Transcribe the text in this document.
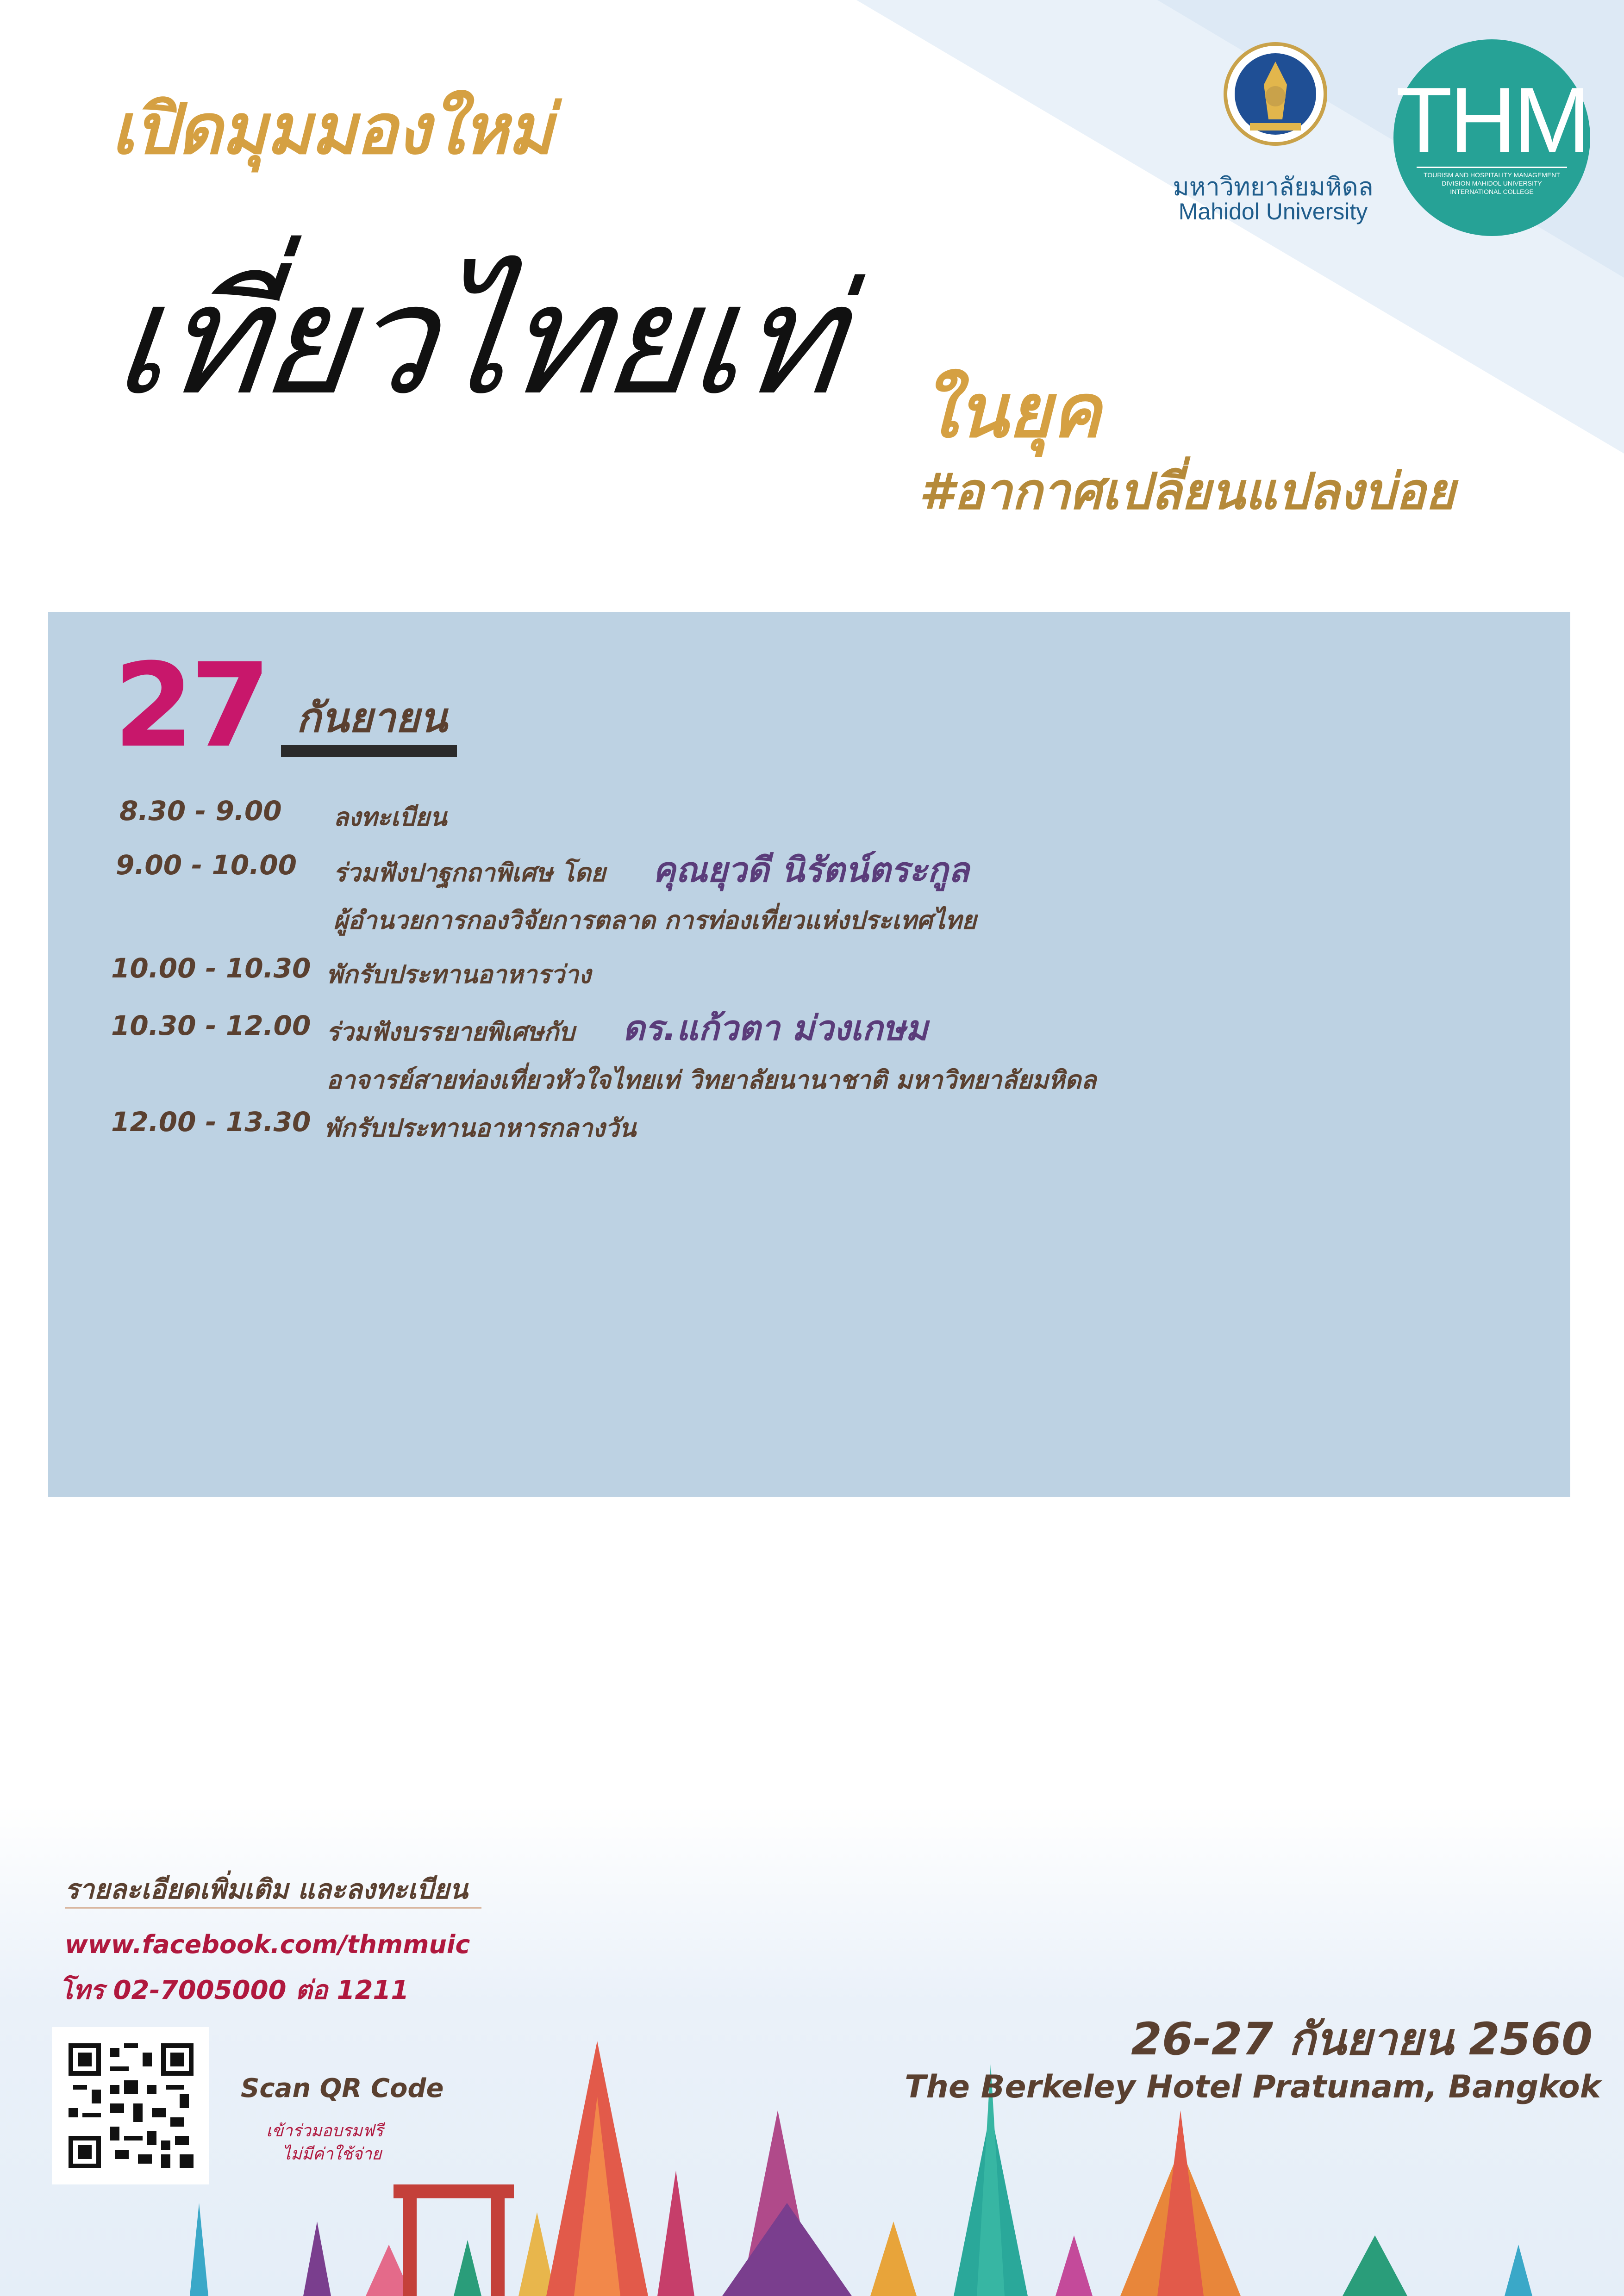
เปิดมุมมองใหม่
เที่ยวไทยเท่ ในยุค
#อากาศเปลี่ยนแปลงบ่อย
มหาวิทยาลัยมหิดล
Mahidol University
THM
TOURISM AND HOSPITALITY MANAGEMENT DIVISION MAHIDOL UNIVERSITY INTERNATIONAL COLLEGE
27 กันยายน
8.30 - 9.00 ลงทะเบียน
9.00 - 10.00 ร่วมฟังปาฐกถาพิเศษ โดย คุณยุวดี นิรัตน์ตระกูล
ผู้อำนวยการกองวิจัยการตลาด การท่องเที่ยวแห่งประเทศไทย
10.00 - 10.30 พักรับประทานอาหารว่าง
10.30 - 12.00 ร่วมฟังบรรยายพิเศษกับ ดร.แก้วตา ม่วงเกษม
อาจารย์สายท่องเที่ยวหัวใจไทยเท่ วิทยาลัยนานาชาติ มหาวิทยาลัยมหิดล
12.00 - 13.30 พักรับประทานอาหารกลางวัน
รายละเอียดเพิ่มเติม และลงทะเบียน
www.facebook.com/thmmuic
โทร 02-7005000 ต่อ 1211
Scan QR Code
เข้าร่วมอบรมฟรี
ไม่มีค่าใช้จ่าย
26-27 กันยายน 2560
The Berkeley Hotel Pratunam, Bangkok
